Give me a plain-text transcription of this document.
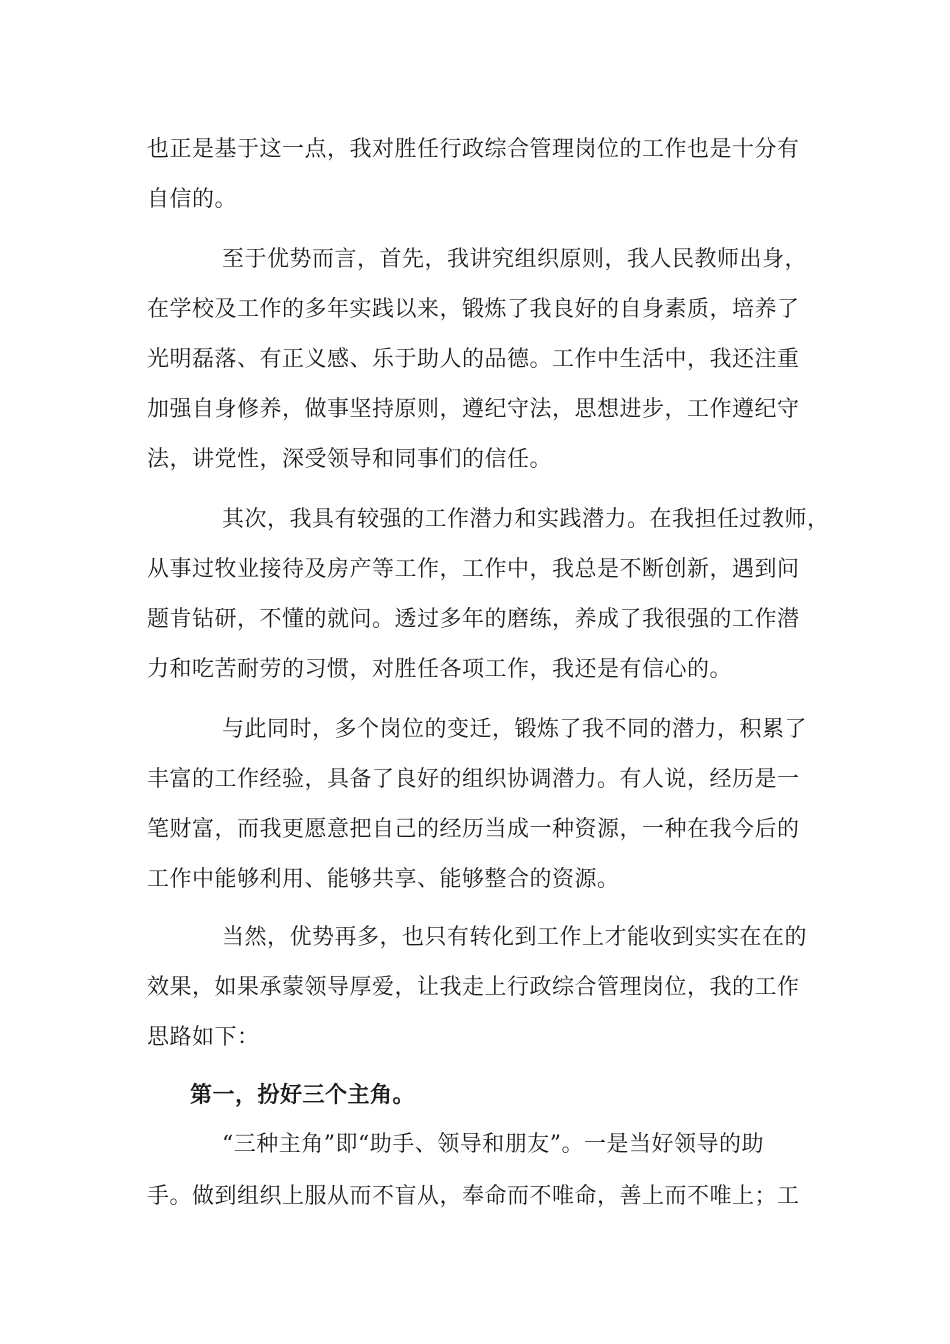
也正是基于这一点，我对胜任行政综合管理岗位的工作也是十分有
自信的。
至于优势而言，首先，我讲究组织原则，我人民教师出身，
在学校及工作的多年实践以来，锻炼了我良好的自身素质，培养了
光明磊落、有正义感、乐于助人的品德。工作中生活中，我还注重
加强自身修养，做事坚持原则，遵纪守法，思想进步，工作遵纪守
法，讲党性，深受领导和同事们的信任。
其次，我具有较强的工作潜力和实践潜力。在我担任过教师，
从事过牧业接待及房产等工作，工作中，我总是不断创新，遇到问
题肯钻研，不懂的就问。透过多年的磨练，养成了我很强的工作潜
力和吃苦耐劳的习惯，对胜任各项工作，我还是有信心的。
与此同时，多个岗位的变迁，锻炼了我不同的潜力，积累了
丰富的工作经验，具备了良好的组织协调潜力。有人说，经历是一
笔财富，而我更愿意把自己的经历当成一种资源，一种在我今后的
工作中能够利用、能够共享、能够整合的资源。
当然，优势再多，也只有转化到工作上才能收到实实在在的
效果，如果承蒙领导厚爱，让我走上行政综合管理岗位，我的工作
思路如下：
第一，扮好三个主角。
“三种主角”即“助手、领导和朋友”。一是当好领导的助
手。做到组织上服从而不盲从，奉命而不唯命，善上而不唯上；工
